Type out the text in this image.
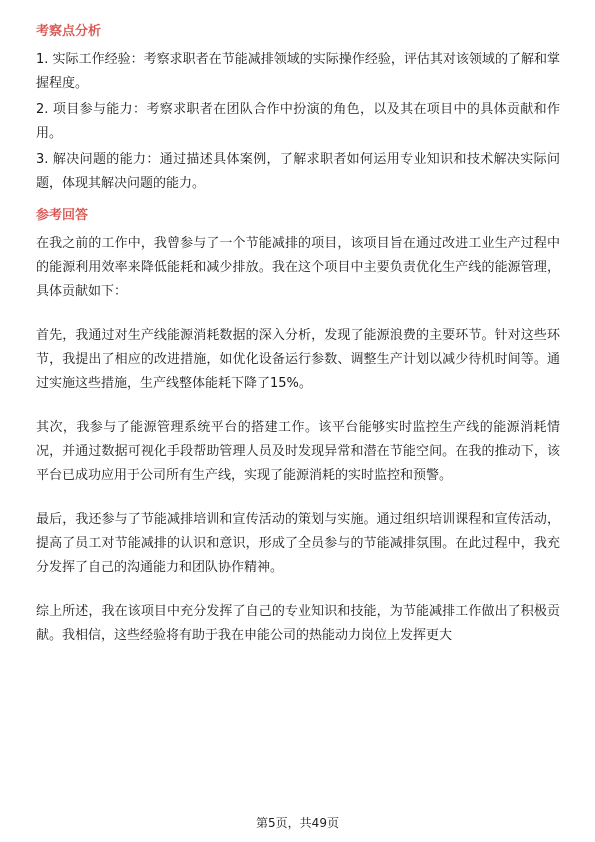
考察点分析

1. 实际工作经验：考察求职者在节能减排领域的实际操作经验，评估其对该领域的了解和掌握程度。

2. 项目参与能力：考察求职者在团队合作中扮演的角色，以及其在项目中的具体贡献和作用。

3. 解决问题的能力：通过描述具体案例，了解求职者如何运用专业知识和技术解决实际问题，体现其解决问题的能力。

参考回答

在我之前的工作中，我曾参与了一个节能减排的项目，该项目旨在通过改进工业生产过程中的能源利用效率来降低能耗和减少排放。我在这个项目中主要负责优化生产线的能源管理，具体贡献如下：

首先，我通过对生产线能源消耗数据的深入分析，发现了能源浪费的主要环节。针对这些环节，我提出了相应的改进措施，如优化设备运行参数、调整生产计划以减少待机时间等。通过实施这些措施，生产线整体能耗下降了15%。

其次，我参与了能源管理系统平台的搭建工作。该平台能够实时监控生产线的能源消耗情况，并通过数据可视化手段帮助管理人员及时发现异常和潜在节能空间。在我的推动下，该平台已成功应用于公司所有生产线，实现了能源消耗的实时监控和预警。

最后，我还参与了节能减排培训和宣传活动的策划与实施。通过组织培训课程和宣传活动，提高了员工对节能减排的认识和意识，形成了全员参与的节能减排氛围。在此过程中，我充分发挥了自己的沟通能力和团队协作精神。

综上所述，我在该项目中充分发挥了自己的专业知识和技能，为节能减排工作做出了积极贡献。我相信，这些经验将有助于我在申能公司的热能动力岗位上发挥更大

第5页，共49页
